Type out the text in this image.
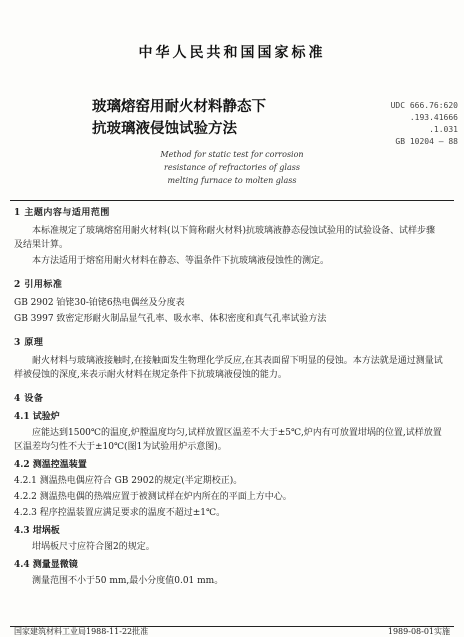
中华人民共和国国家标准
UDC 666.76:620
.193.41666
.1.031
GB 10204 — 88
玻璃熔窑用耐火材料静态下
抗玻璃液侵蚀试验方法
Method for static test for corrosion
resistance of refractories of glass
melting furnace to molten glass
1 主题内容与适用范围

本标准规定了玻璃熔窑用耐火材料(以下简称耐火材料)抗玻璃液静态侵蚀试验用的试验设备、试样步骤及结果计算。

本方法适用于熔窑用耐火材料在静态、等温条件下抗玻璃液侵蚀性的测定。

2 引用标准

GB 2902 铂铑30-铂铑6热电偶丝及分度表

GB 3997 致密定形耐火制品显气孔率、吸水率、体积密度和真气孔率试验方法

3 原理

耐火材料与玻璃液接触时,在接触面发生物理化学反应,在其表面留下明显的侵蚀。本方法就是通过测量试样被侵蚀的深度,来表示耐火材料在规定条件下抗玻璃液侵蚀的能力。

4 设备
4.1 试验炉

应能达到1500℃的温度,炉膛温度均匀,试样放置区温差不大于±5℃,炉内有可放置坩埚的位置,试样放置区温差均匀性不大于±10℃(图1为试验用炉示意图)。

4.2 测温控温装置

4.2.1 测温热电偶应符合 GB 2902的规定(半定期校正)。

4.2.2 测温热电偶的热端应置于被测试样在炉内所在的平面上方中心。

4.2.3 程序控温装置应满足要求的温度不超过±1℃。

4.3 坩埚板

坩埚板尺寸应符合图2的规定。

4.4 测量显微镜

测量范围不小于50 mm,最小分度值0.01 mm。

国家建筑材料工业局1988-11-22批准	1989-08-01实施
